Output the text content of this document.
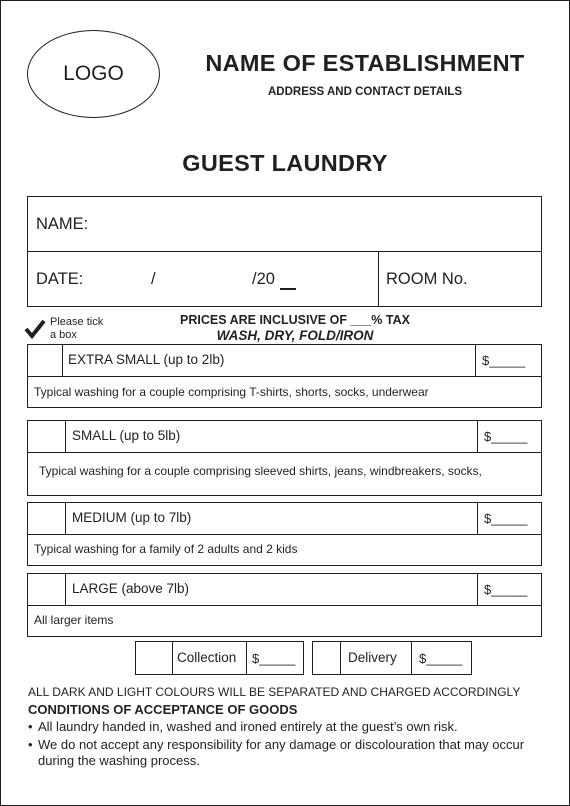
LOGO	NAME OF ESTABLISHMENT
ADDRESS AND CONTACT DETAILS
GUEST LAUNDRY
NAME:
DATE:	/	/20	ROOM No.
Please tick
a box
PRICES ARE INCLUSIVE OF ___% TAX
WASH, DRY, FOLD/IRON
EXTRA SMALL (up to 2lb)	$_____
Typical washing for a couple comprising T-shirts, shorts, socks, underwear
SMALL (up to 5lb)	$_____
Typical washing for a couple comprising sleeved shirts, jeans, windbreakers, socks,
MEDIUM (up to 7lb)	$_____
Typical washing for a family of 2 adults and 2 kids
LARGE (above 7lb)	$_____
All larger items
Collection $_____	Delivery $_____
ALL DARK AND LIGHT COLOURS WILL BE SEPARATED AND CHARGED ACCORDINGLY
CONDITIONS OF ACCEPTANCE OF GOODS
• All laundry handed in, washed and ironed entirely at the guest’s own risk.
• We do not accept any responsibility for any damage or discolouration that may occur during the washing process.
